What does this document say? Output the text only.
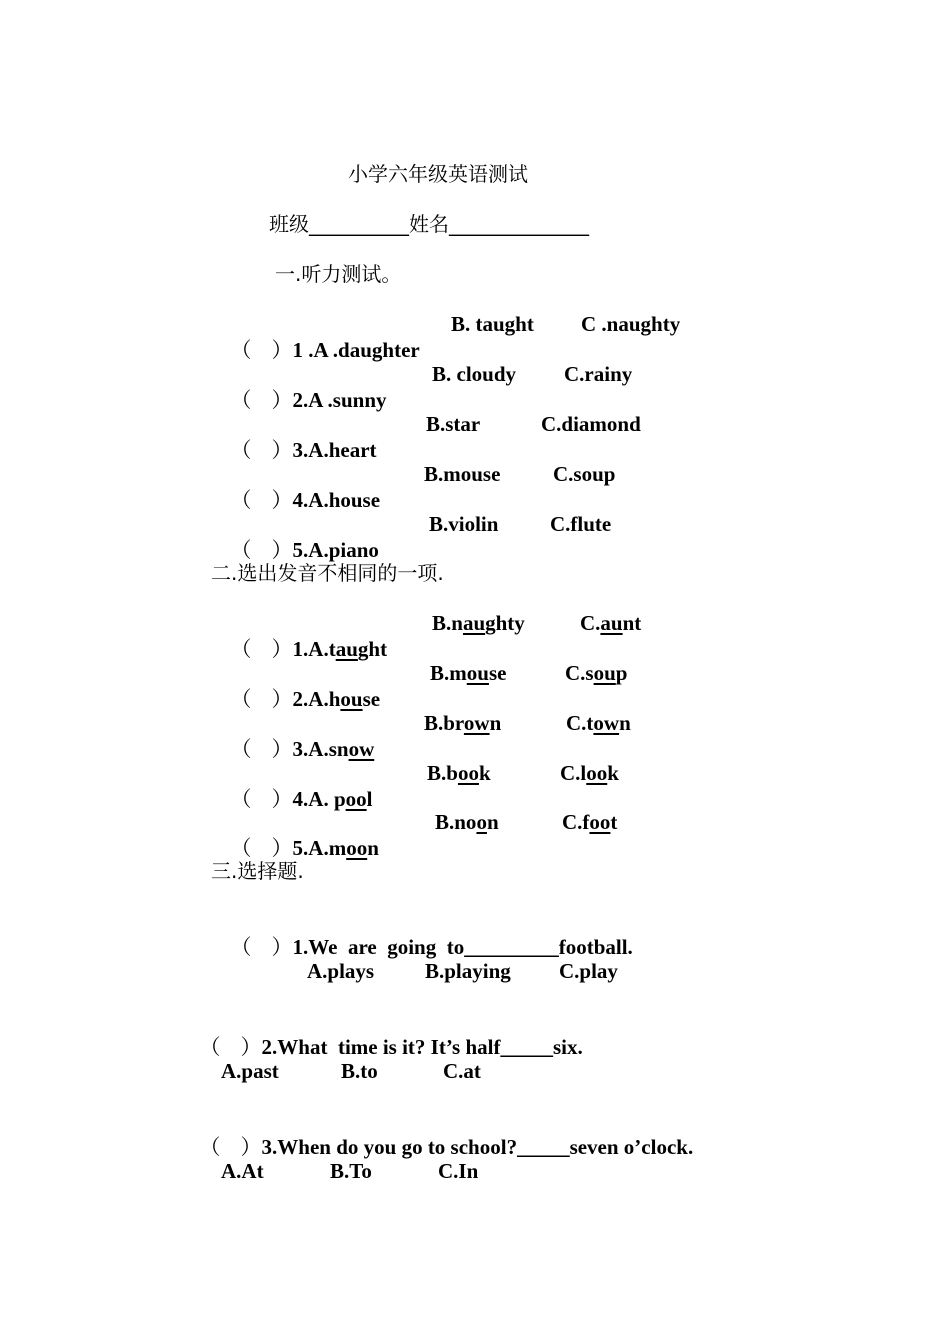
小学六年级英语测试
班级__________姓名______________
一.听力测试。

（   ）1 .A .daughter

B. taught C .naughty

（   ）2.A .sunny

B. cloudy C.rainy

（   ）3.A.heart

B.star	C.diamond

（   ）4.A.house

B.mouse	C.soup

（   ）5.A.piano

B.violin C.flute
二.选出发音不相同的一项.

（   ）1.A.taught

B.naughty	C.aunt

（   ）2.A.house

B.mouse	C.soup

（   ）3.A.snow

B.brown	C.town

（   ）4.A. pool

B.book	C.look

（   ）5.A.moon

B.noon	C.foot
三.选择题.

（   ）1.We  are  going  to_________football.

A.plays B.playing C.play

（   ）2.What  time is it? It’s half_____six.

A.past	B.to	C.at

（   ）3.When do you go to school?_____seven o’clock.

A.At	B.To	C.In
